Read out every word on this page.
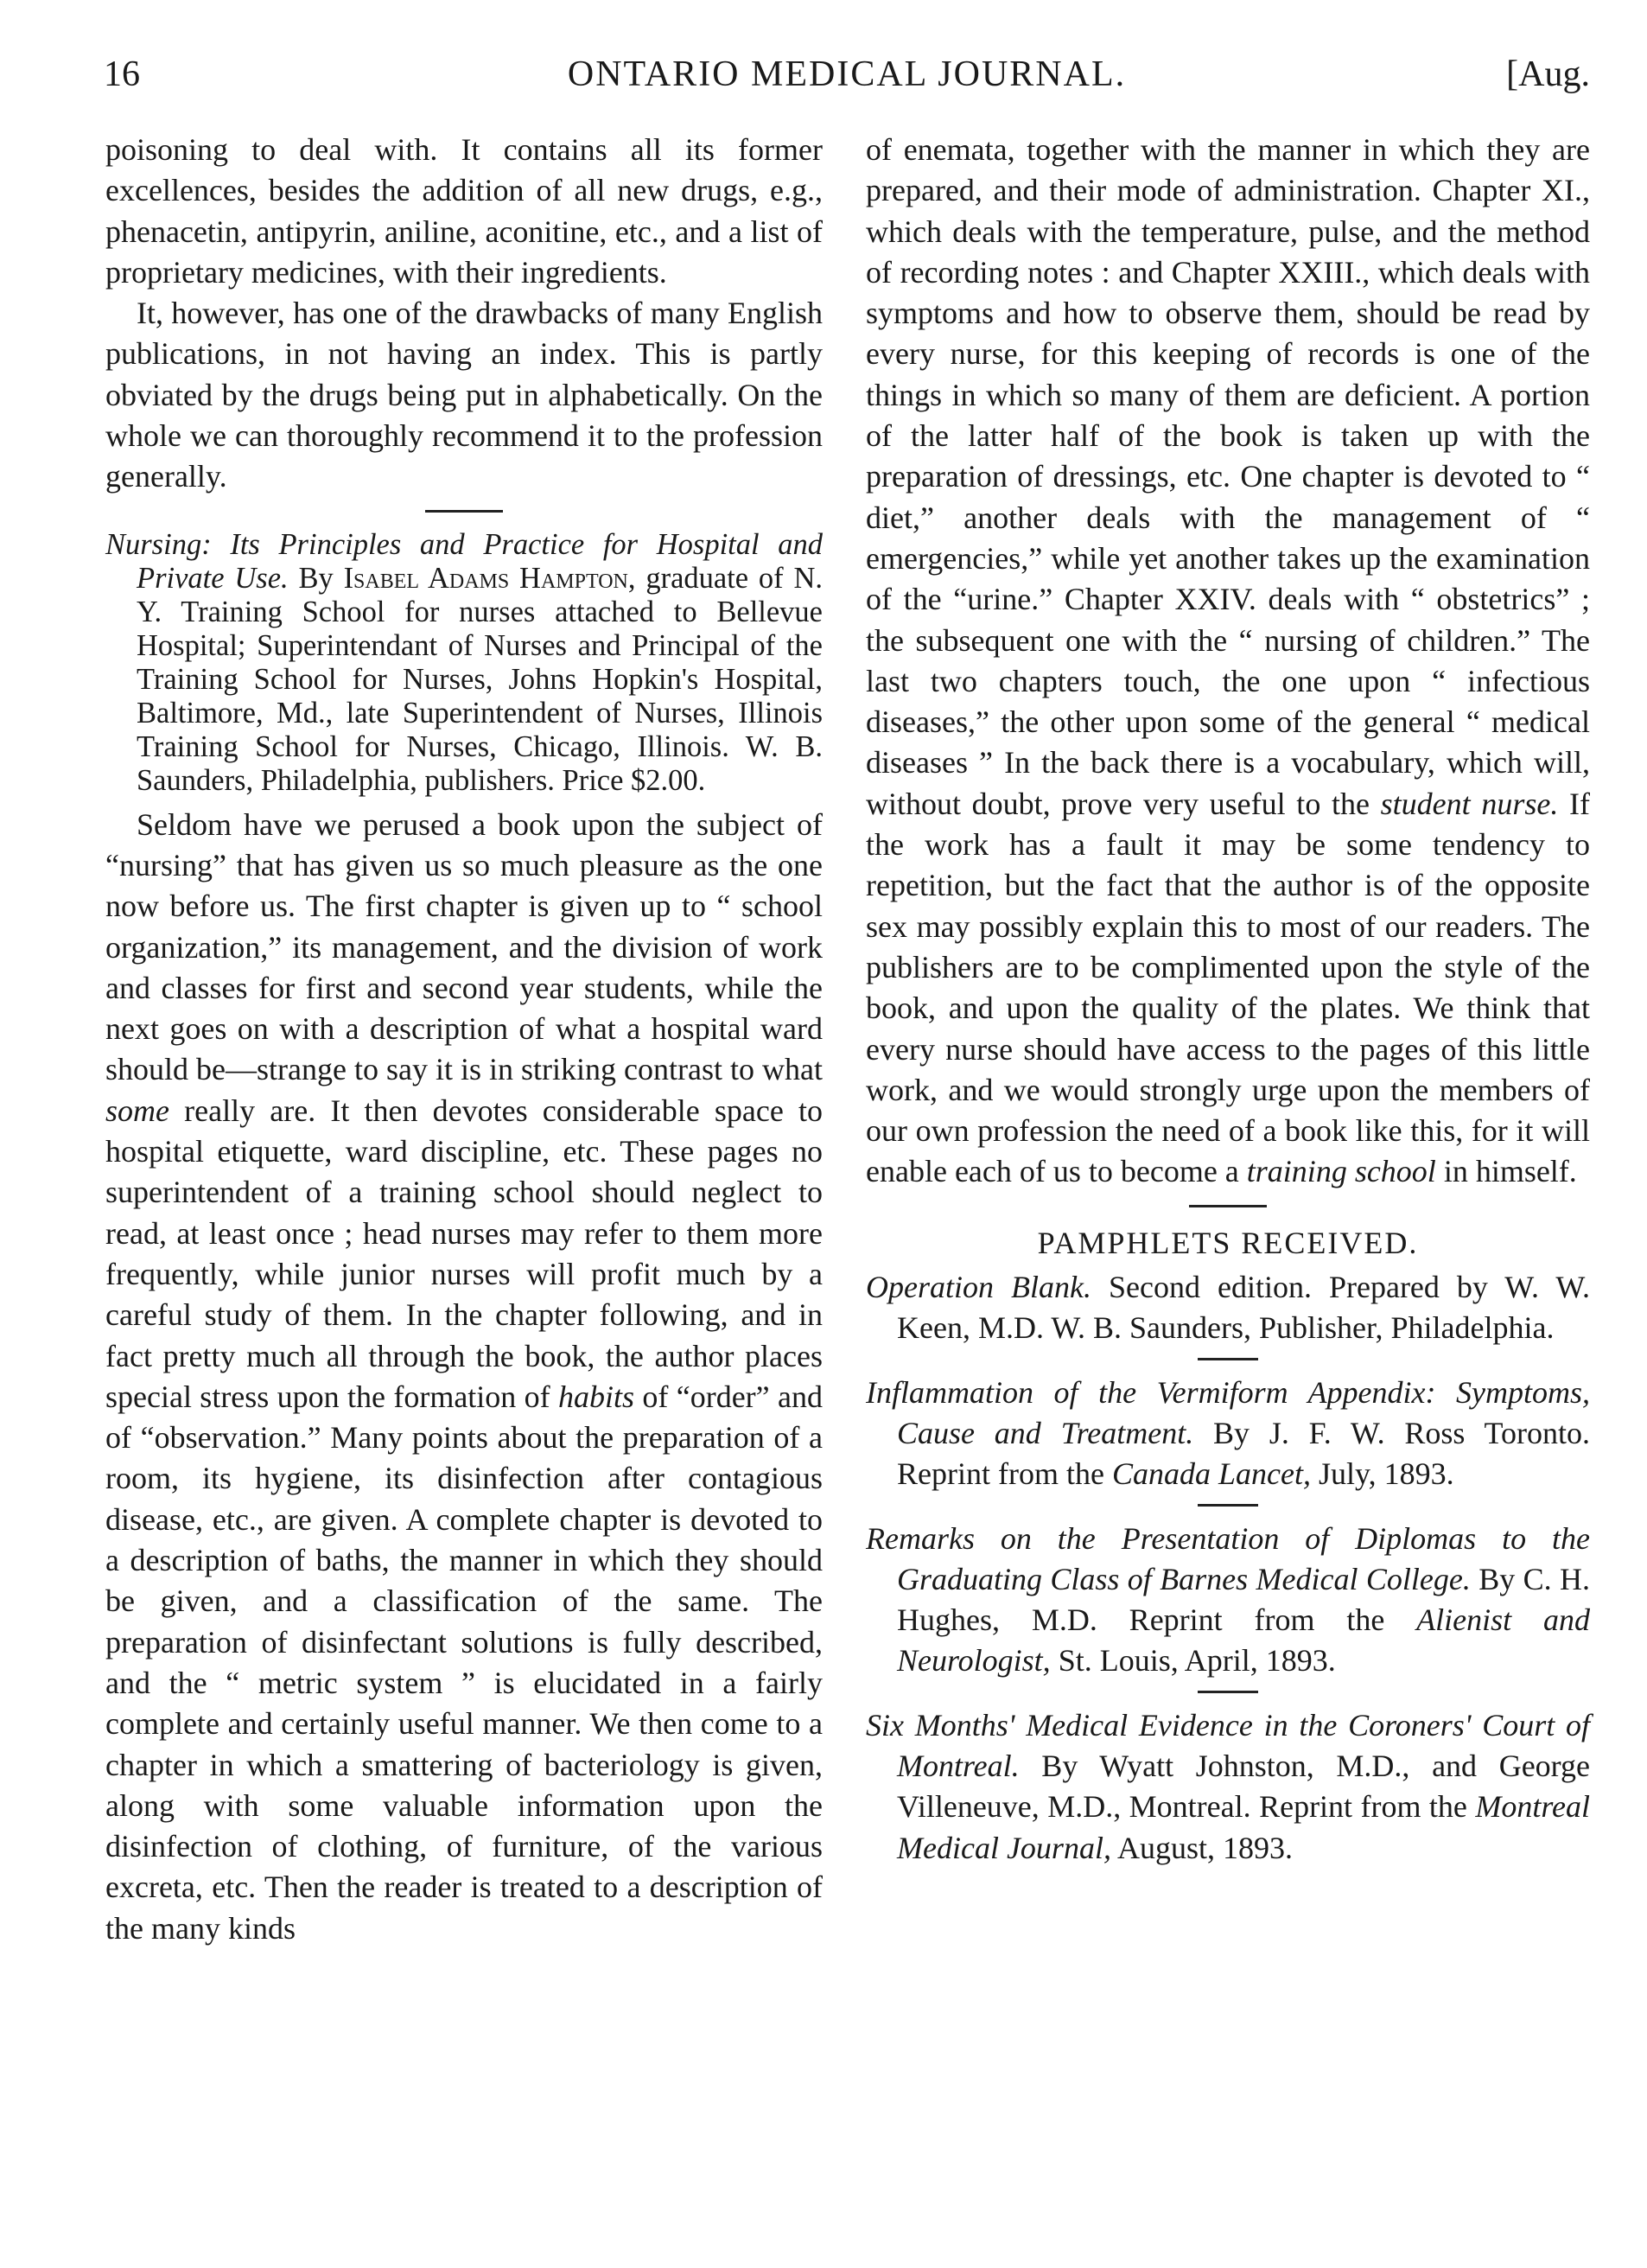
16	ONTARIO MEDICAL JOURNAL.	[Aug.

poisoning to deal with. It contains all its former excellences, besides the addition of all new drugs, e.g., phenacetin, antipyrin, aniline, aconitine, etc., and a list of proprietary medicines, with their ingredients.

It, however, has one of the drawbacks of many English publications, in not having an index. This is partly obviated by the drugs being put in alphabetically. On the whole we can thoroughly recommend it to the profession generally.

Nursing: Its Principles and Practice for Hospital and Private Use. By Isabel Adams Hampton, graduate of N. Y. Training School for nurses attached to Bellevue Hospital; Superintendant of Nurses and Principal of the Training School for Nurses, Johns Hopkin's Hospital, Baltimore, Md., late Superintendent of Nurses, Illinois Training School for Nurses, Chicago, Illinois. W. B. Saunders, Philadelphia, publishers. Price $2.00.

Seldom have we perused a book upon the subject of “nursing” that has given us so much pleasure as the one now before us. The first chapter is given up to “ school organization,” its management, and the division of work and classes for first and second year students, while the next goes on with a description of what a hospital ward should be—strange to say it is in striking contrast to what some really are. It then devotes considerable space to hospital etiquette, ward discipline, etc. These pages no superintendent of a training school should neglect to read, at least once ; head nurses may refer to them more frequently, while junior nurses will profit much by a careful study of them. In the chapter following, and in fact pretty much all through the book, the author places special stress upon the formation of habits of “order” and of “observation.” Many points about the preparation of a room, its hygiene, its disinfection after contagious disease, etc., are given. A complete chapter is devoted to a description of baths, the manner in which they should be given, and a classification of the same. The preparation of disinfectant solutions is fully described, and the “ metric system ” is elucidated in a fairly complete and certainly useful manner. We then come to a chapter in which a smattering of bacteriology is given, along with some valuable information upon the disinfection of clothing, of furniture, of the various excreta, etc. Then the reader is treated to a description of the many kinds

of enemata, together with the manner in which they are prepared, and their mode of administration. Chapter XI., which deals with the temperature, pulse, and the method of recording notes : and Chapter XXIII., which deals with symptoms and how to observe them, should be read by every nurse, for this keeping of records is one of the things in which so many of them are deficient. A portion of the latter half of the book is taken up with the preparation of dressings, etc. One chapter is devoted to “ diet,” another deals with the management of “ emergencies,” while yet another takes up the examination of the “urine.” Chapter XXIV. deals with “ obstetrics” ; the subsequent one with the “ nursing of children.” The last two chapters touch, the one upon “ infectious diseases,” the other upon some of the general “ medical diseases ” In the back there is a vocabulary, which will, without doubt, prove very useful to the student nurse. If the work has a fault it may be some tendency to repetition, but the fact that the author is of the opposite sex may possibly explain this to most of our readers. The publishers are to be complimented upon the style of the book, and upon the quality of the plates. We think that every nurse should have access to the pages of this little work, and we would strongly urge upon the members of our own profession the need of a book like this, for it will enable each of us to become a training school in himself.

PAMPHLETS RECEIVED.

Operation Blank. Second edition. Prepared by W. W. Keen, M.D. W. B. Saunders, Publisher, Philadelphia.

Inflammation of the Vermiform Appendix: Symptoms, Cause and Treatment. By J. F. W. Ross Toronto. Reprint from the Canada Lancet, July, 1893.

Remarks on the Presentation of Diplomas to the Graduating Class of Barnes Medical College. By C. H. Hughes, M.D. Reprint from the Alienist and Neurologist, St. Louis, April, 1893.

Six Months' Medical Evidence in the Coroners' Court of Montreal. By Wyatt Johnston, M.D., and George Villeneuve, M.D., Montreal. Reprint from the Montreal Medical Journal, August, 1893.
